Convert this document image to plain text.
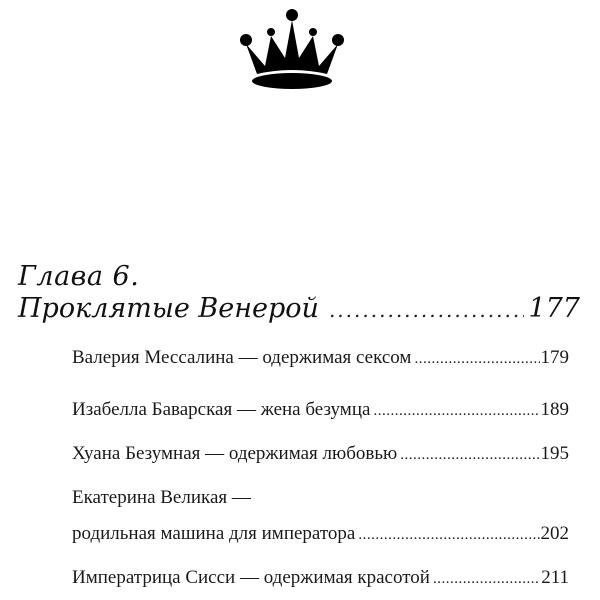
Глава 6.
Проклятые Венерой .....	177
Валерия Мессалина — одержимая сексом .....	179
Изабелла Баварская — жена безумца .....	189
Хуана Безумная — одержимая любовью .....	195
Екатерина Великая —
родильная машина для императора .....	202
Императрица Сисси — одержимая красотой .....	211
